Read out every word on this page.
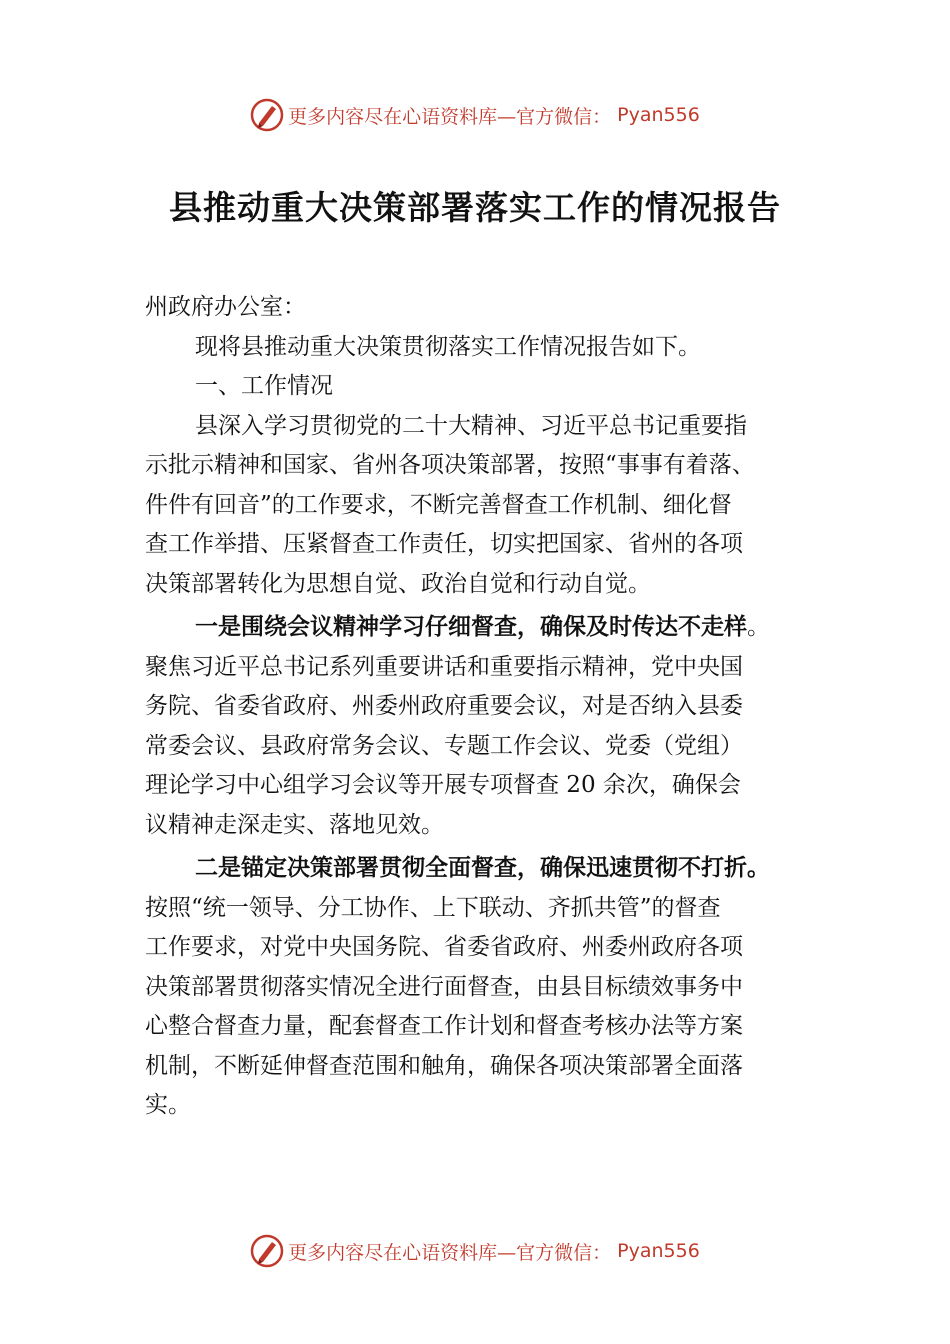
更多内容尽在心语资料库—官方微信： Pyan556
县推动重大决策部署落实工作的情况报告
州政府办公室：
现将县推动重大决策贯彻落实工作情况报告如下。
一、工作情况
县深入学习贯彻党的二十大精神、习近平总书记重要指
示批示精神和国家、省州各项决策部署，按照“事事有着落、
件件有回音”的工作要求，不断完善督查工作机制、细化督
查工作举措、压紧督查工作责任，切实把国家、省州的各项
决策部署转化为思想自觉、政治自觉和行动自觉。
一是围绕会议精神学习仔细督查，确保及时传达不走样。
聚焦习近平总书记系列重要讲话和重要指示精神，党中央国
务院、省委省政府、州委州政府重要会议，对是否纳入县委
常委会议、县政府常务会议、专题工作会议、党委（党组）
理论学习中心组学习会议等开展专项督查 20 余次，确保会
议精神走深走实、落地见效。
二是锚定决策部署贯彻全面督查，确保迅速贯彻不打折。
按照“统一领导、分工协作、上下联动、齐抓共管”的督查
工作要求，对党中央国务院、省委省政府、州委州政府各项
决策部署贯彻落实情况全进行面督查，由县目标绩效事务中
心整合督查力量，配套督查工作计划和督查考核办法等方案
机制，不断延伸督查范围和触角，确保各项决策部署全面落
实。
更多内容尽在心语资料库—官方微信： Pyan556
